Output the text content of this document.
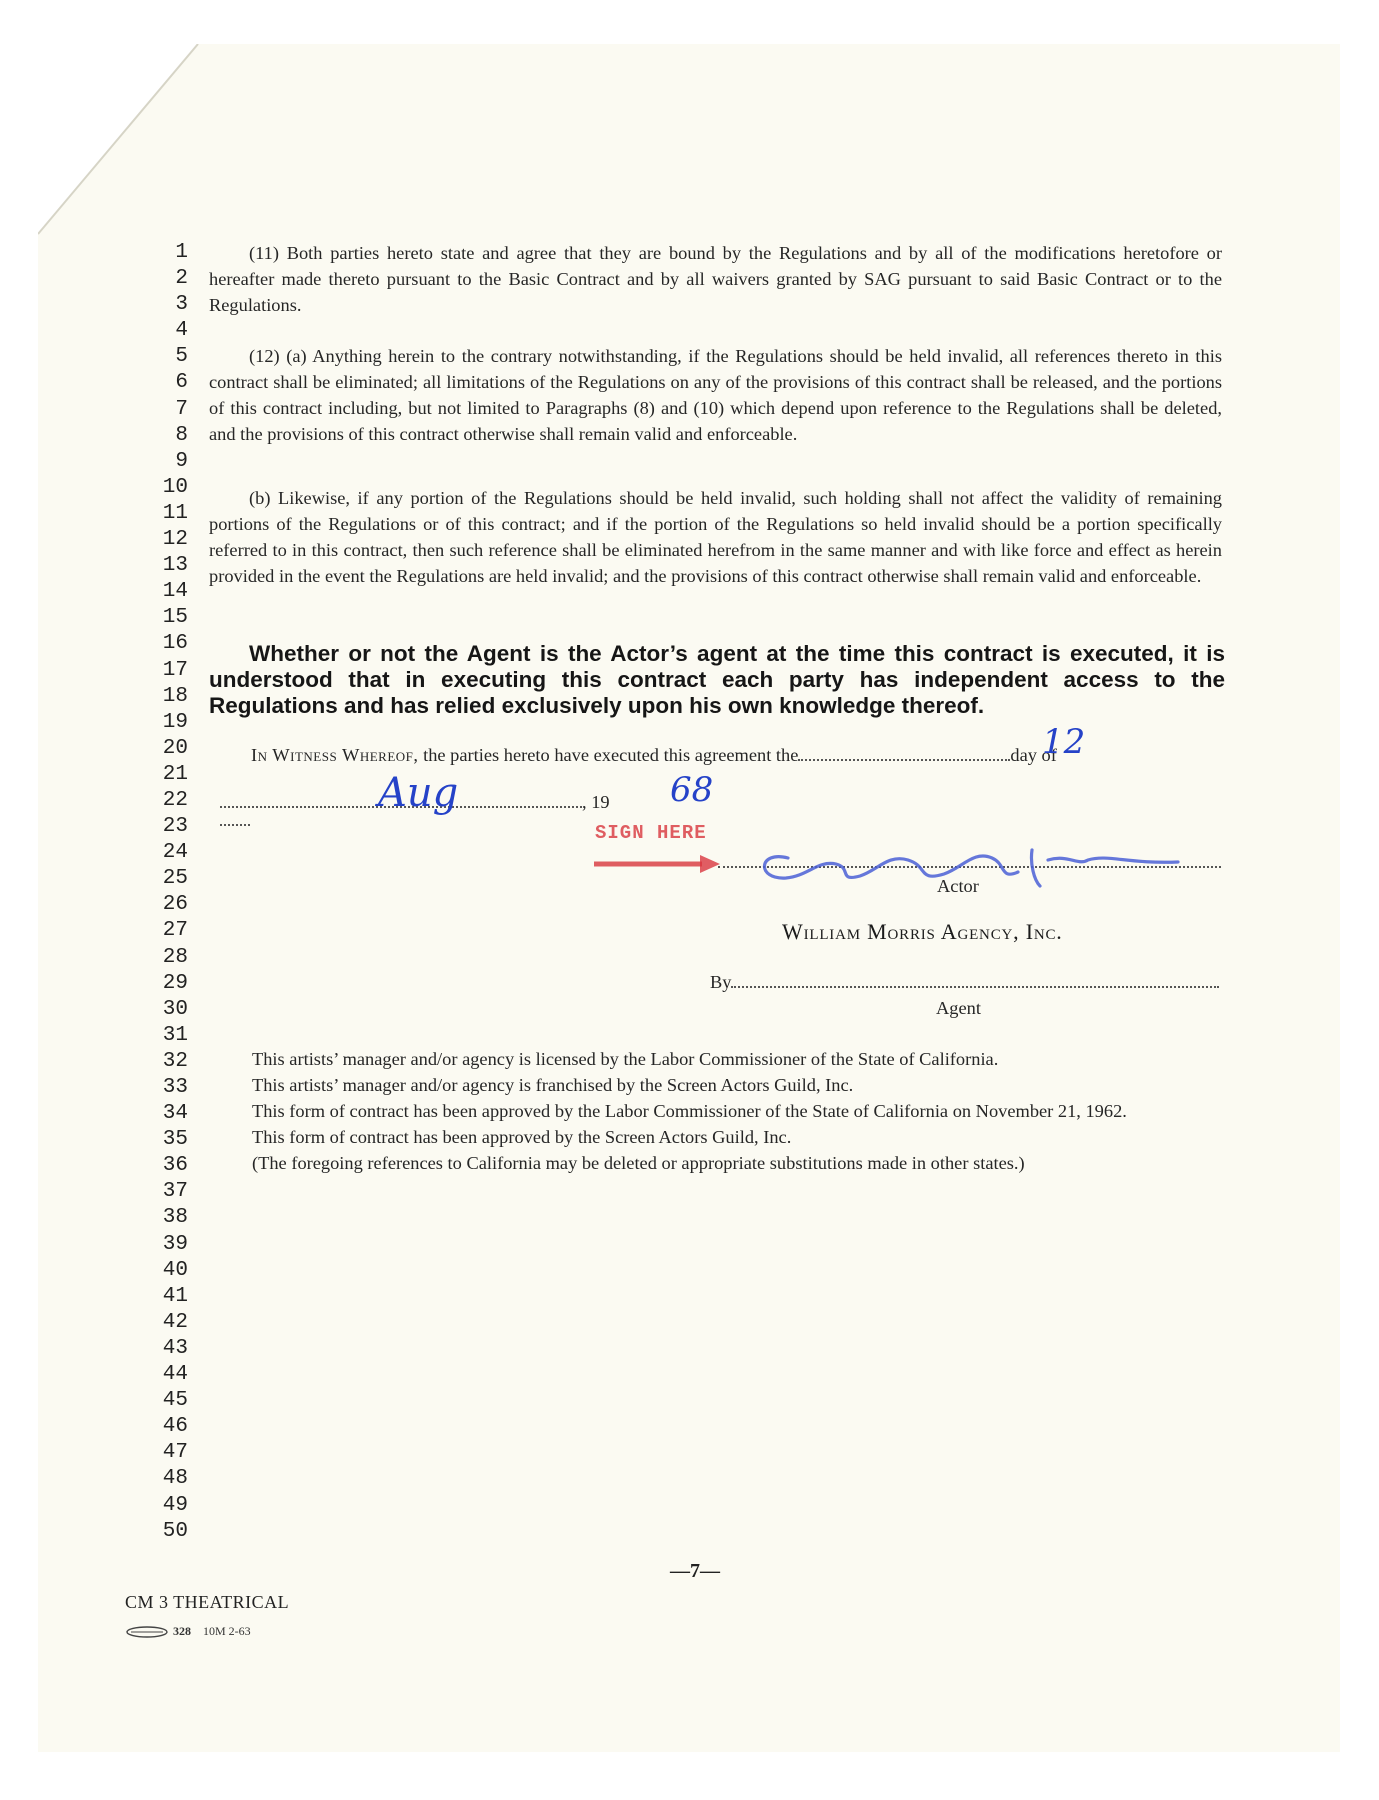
1
2
3
4
5
6
7
8
9
10
11
12
13
14
15
16
17
18
19
20
21
22
23
24
25
26
27
28
29
30
31
32
33
34
35
36
37
38
39
40
41
42
43
44
45
46
47
48
49
50
(11) Both parties hereto state and agree that they are bound by the Regulations and by all of the modifications heretofore or hereafter made thereto pursuant to the Basic Contract and by all waivers granted by SAG pursuant to said Basic Contract or to the Regulations.
(12) (a) Anything herein to the contrary notwithstanding, if the Regulations should be held invalid, all references thereto in this contract shall be eliminated; all limitations of the Regulations on any of the provisions of this contract shall be released, and the portions of this contract including, but not limited to Paragraphs (8) and (10) which depend upon reference to the Regulations shall be deleted, and the provisions of this contract otherwise shall remain valid and enforceable.
(b) Likewise, if any portion of the Regulations should be held invalid, such holding shall not affect the validity of remaining portions of the Regulations or of this contract; and if the portion of the Regulations so held invalid should be a portion specifically referred to in this contract, then such reference shall be eliminated herefrom in the same manner and with like force and effect as herein provided in the event the Regulations are held invalid; and the provisions of this contract otherwise shall remain valid and enforceable.
Whether or not the Agent is the Actor’s agent at the time this contract is executed, it is understood that in executing this contract each party has independent access to the Regulations and has relied exclusively upon his own knowledge thereof.
In Witness Whereof, the parties hereto have executed this agreement the	day of
, 19
12
Aug	68
SIGN HERE
Actor
William Morris Agency, Inc.
By
Agent

This artists’ manager and/or agency is licensed by the Labor Commissioner of the State of California.

This artists’ manager and/or agency is franchised by the Screen Actors Guild, Inc.

This form of contract has been approved by the Labor Commissioner of the State of California on November 21, 1962.

This form of contract has been approved by the Screen Actors Guild, Inc.

(The foregoing references to California may be deleted or appropriate substitutions made in other states.)

—7—
CM 3 THEATRICAL
328 10M 2-63
